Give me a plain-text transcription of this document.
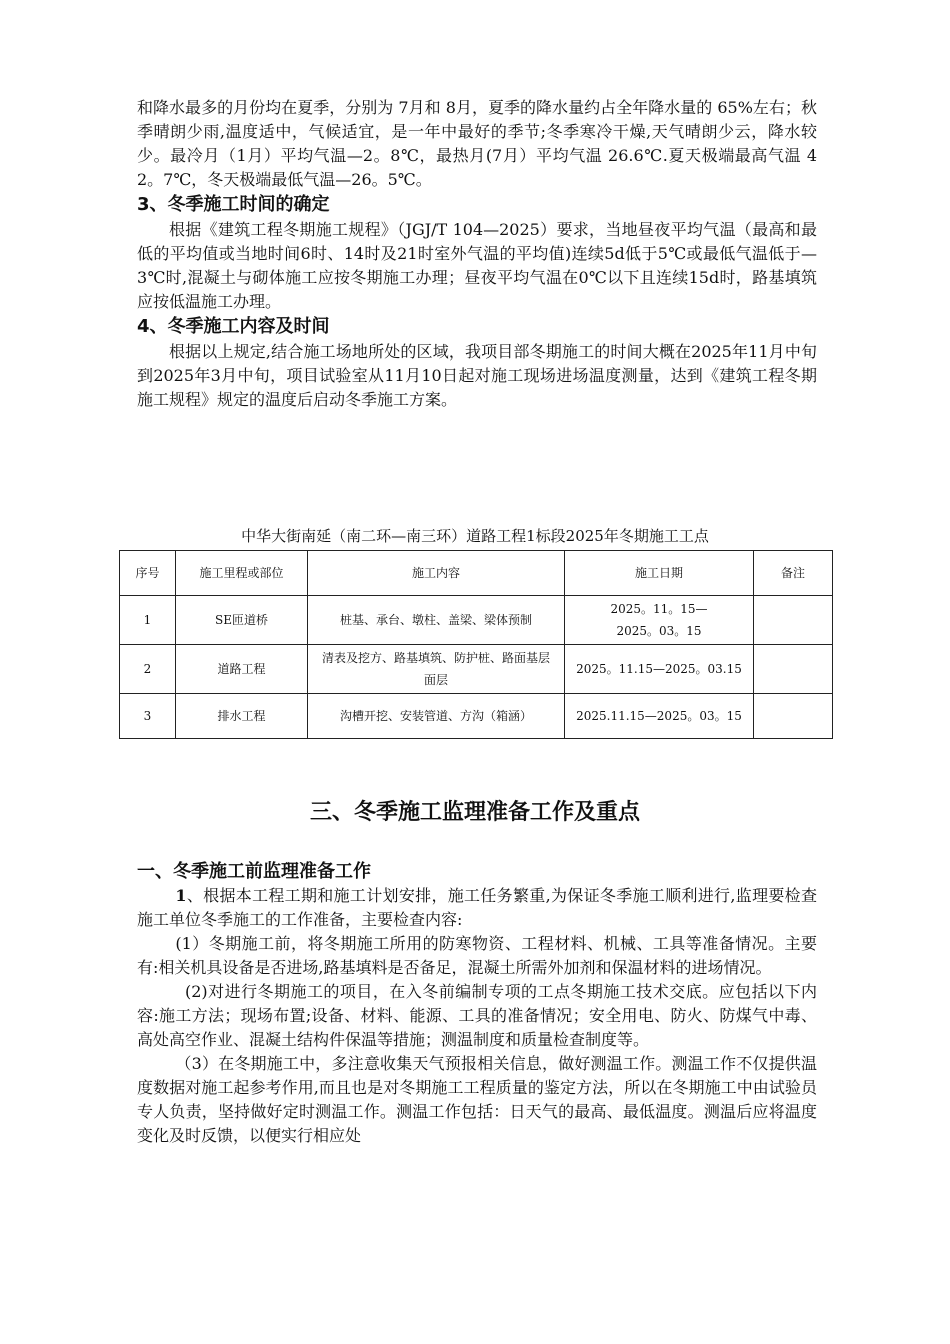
和降水最多的月份均在夏季，分别为 7月和 8月，夏季的降水量约占全年降水量的 65%左右；秋季晴朗少雨,温度适中，气候适宜，是一年中最好的季节;冬季寒冷干燥,天气晴朗少云，降水较少。最冷月（1月）平均气温—2。8℃，最热月(7月）平均气温 26.6℃.夏天极端最高气温 42。7℃，冬天极端最低气温—26。5℃。

3、冬季施工时间的确定

根据《建筑工程冬期施工规程》（JGJ/T 104—2025）要求，当地昼夜平均气温（最高和最低的平均值或当地时间6时、14时及21时室外气温的平均值)连续5d低于5℃或最低气温低于—3℃时,混凝土与砌体施工应按冬期施工办理；昼夜平均气温在0℃以下且连续15d时，路基填筑应按低温施工办理。

4、冬季施工内容及时间

根据以上规定,结合施工场地所处的区域，我项目部冬期施工的时间大概在2025年11月中旬到2025年3月中旬，项目试验室从11月10日起对施工现场进场温度测量，达到《建筑工程冬期施工规程》规定的温度后启动冬季施工方案。

中华大街南延（南二环—南三环）道路工程1标段2025年冬期施工工点
序号	施工里程或部位	施工内容	施工日期	备注
1	SE匝道桥	桩基、承台、墩柱、盖梁、梁体预制	2025。11。15—2025。03。15	
2	道路工程	清表及挖方、路基填筑、防护桩、路面基层面层	2025。11.15—2025。03.15	
3	排水工程	沟槽开挖、安装管道、方沟（箱涵）	2025.11.15—2025。03。15	
三、冬季施工监理准备工作及重点
一、冬季施工前监理准备工作

1、根据本工程工期和施工计划安排，施工任务繁重,为保证冬季施工顺利进行,监理要检查施工单位冬季施工的工作准备，主要检查内容:

(1）冬期施工前，将冬期施工所用的防寒物资、工程材料、机械、工具等准备情况。主要有:相关机具设备是否进场,路基填料是否备足，混凝土所需外加剂和保温材料的进场情况。

(2)对进行冬期施工的项目，在入冬前编制专项的工点冬期施工技术交底。应包括以下内容:施工方法；现场布置;设备、材料、能源、工具的准备情况；安全用电、防火、防煤气中毒、高处高空作业、混凝土结构件保温等措施；测温制度和质量检查制度等。

（3）在冬期施工中，多注意收集天气预报相关信息，做好测温工作。测温工作不仅提供温度数据对施工起参考作用,而且也是对冬期施工工程质量的鉴定方法，所以在冬期施工中由试验员专人负责，坚持做好定时测温工作。测温工作包括：日天气的最高、最低温度。测温后应将温度变化及时反馈，以便实行相应处
